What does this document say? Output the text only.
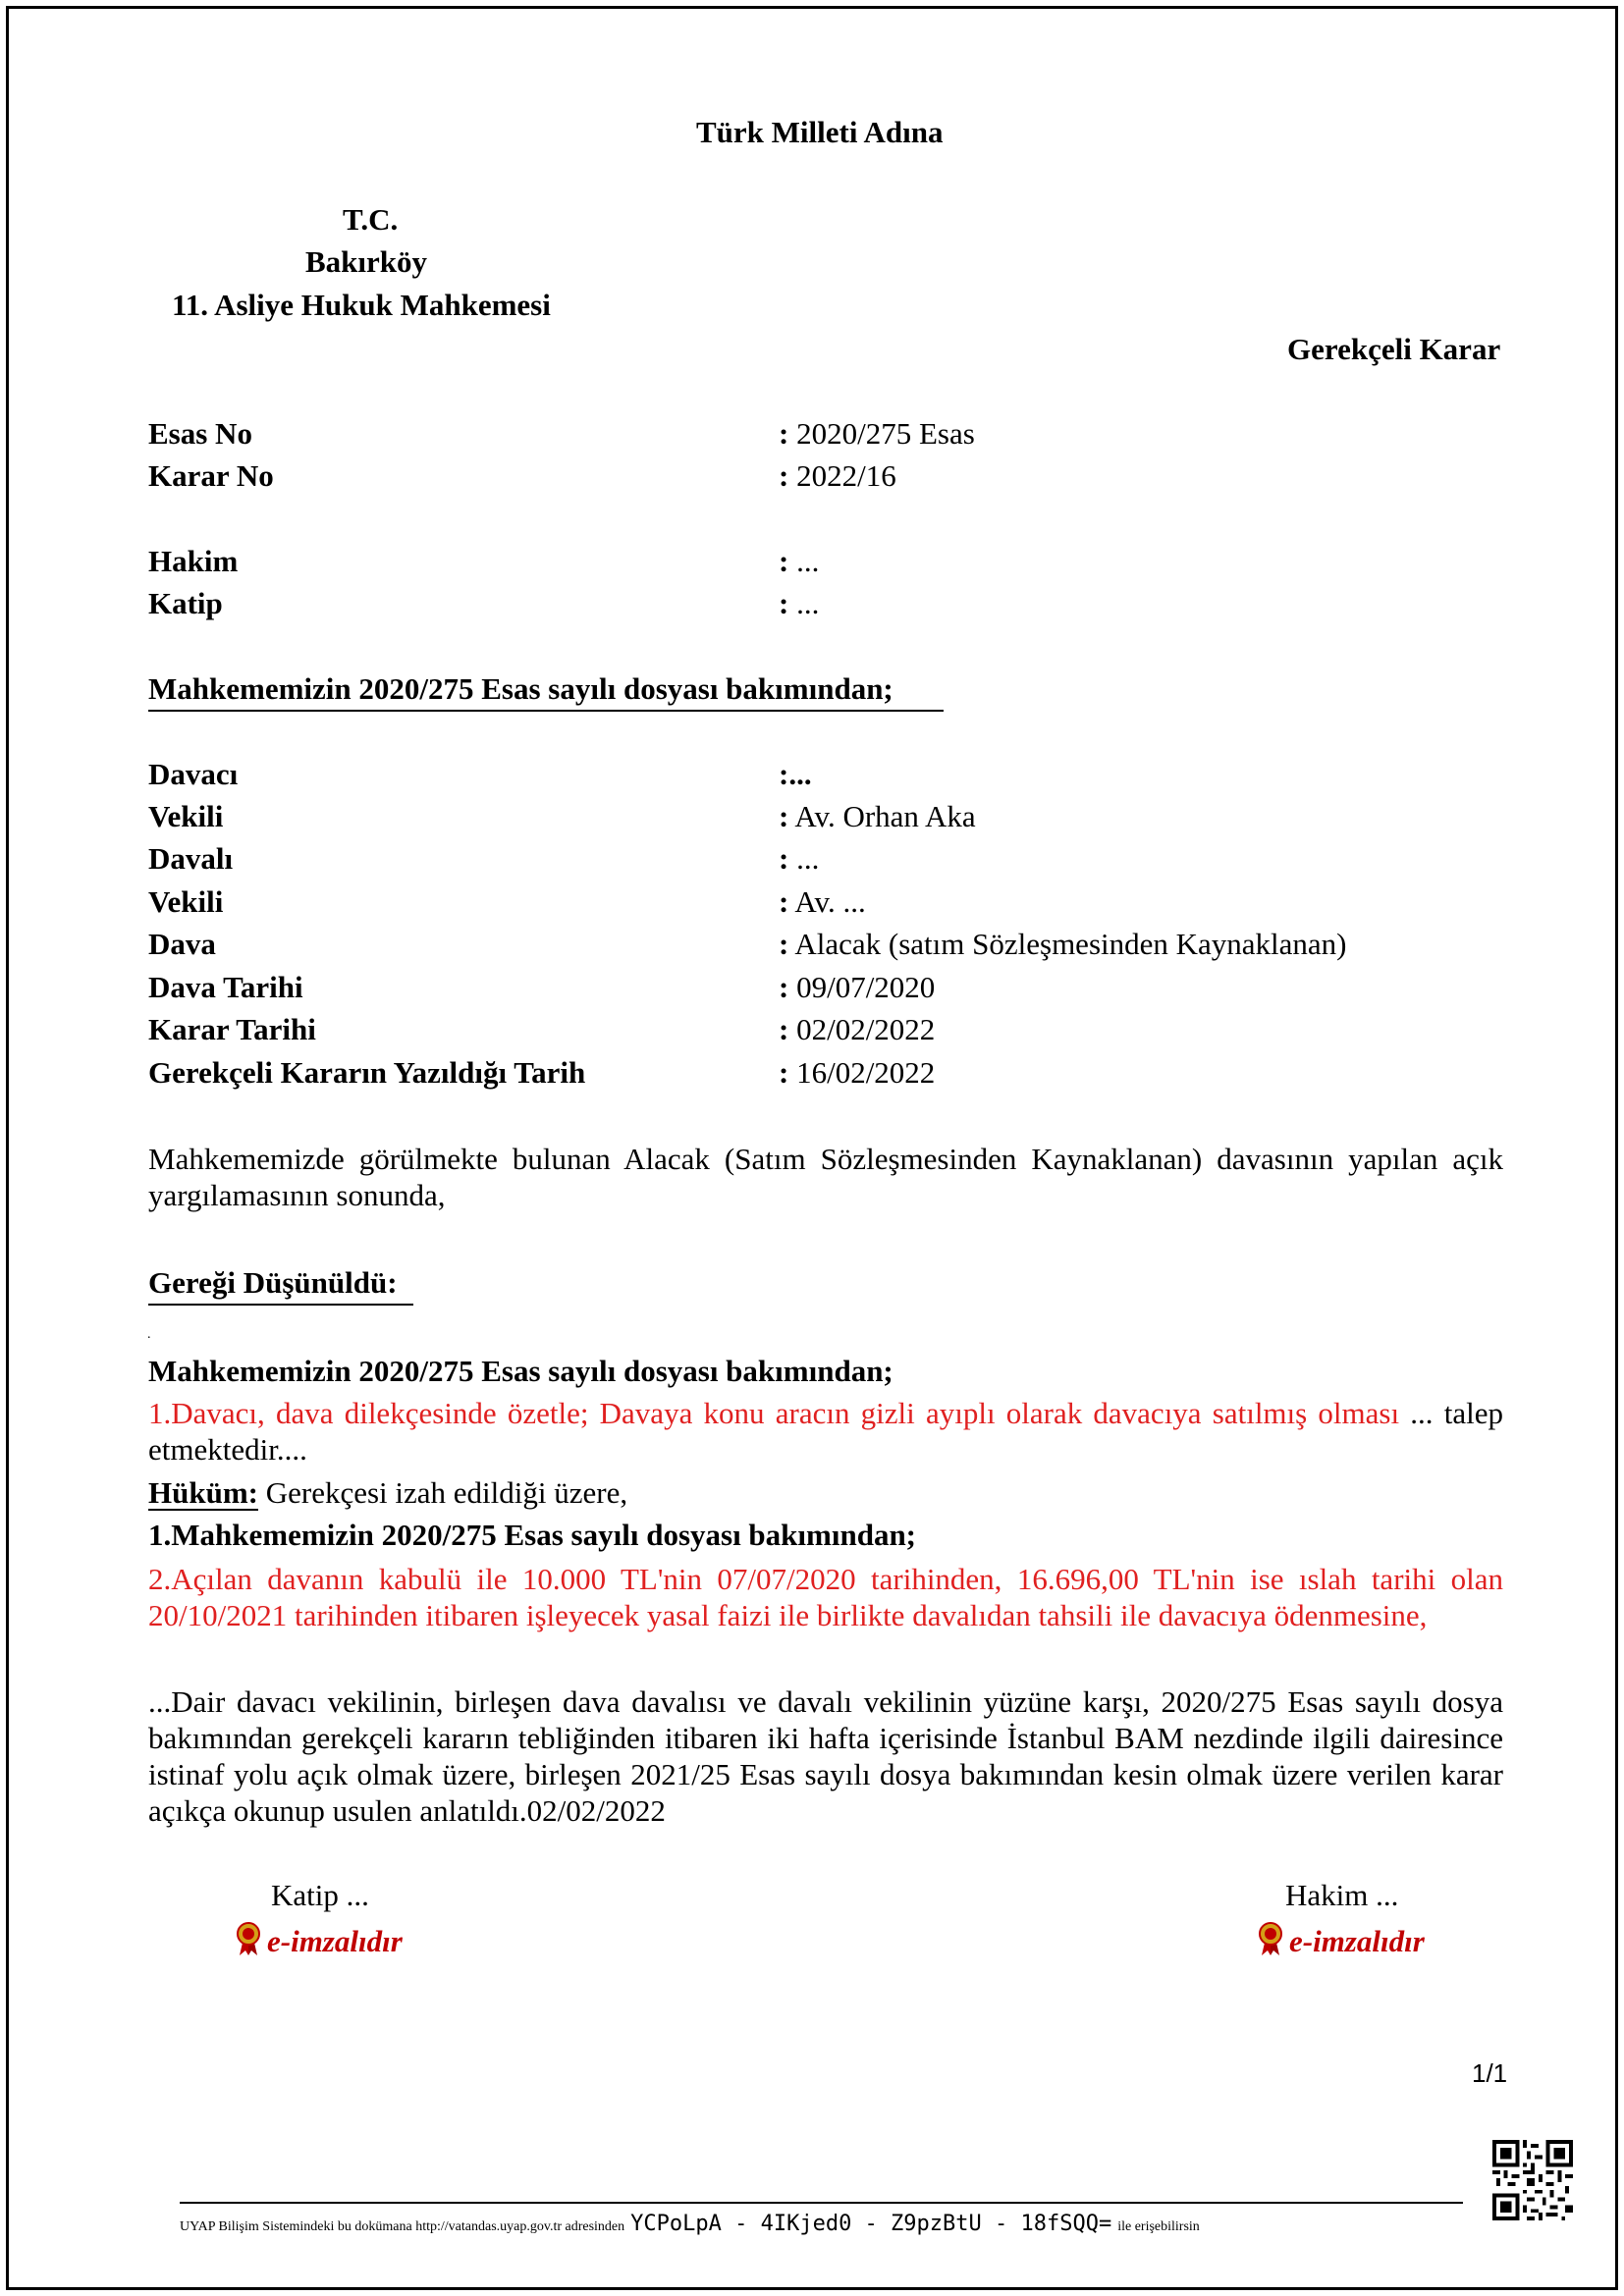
Türk Milleti Adına
T.C.
Bakırköy
11. Asliye Hukuk Mahkemesi
Gerekçeli Karar
Esas No	: 2020/275 Esas
Karar No	: 2022/16
Hakim	: ...
Katip	: ...
Mahkememizin 2020/275 Esas sayılı dosyası bakımından;
Davacı	:...
Vekili	: Av. Orhan Aka
Davalı	: ...
Vekili	: Av. ...
Dava	: Alacak (satım Sözleşmesinden Kaynaklanan)
Dava Tarihi	: 09/07/2020
Karar Tarihi	: 02/02/2022
Gerekçeli Kararın Yazıldığı Tarih	: 16/02/2022
Mahkememizde görülmekte bulunan Alacak (Satım Sözleşmesinden Kaynaklanan) davasının yapılan açık yargılamasının sonunda,
Gereği Düşünüldü:
.
Mahkememizin 2020/275 Esas sayılı dosyası bakımından;
1.Davacı, dava dilekçesinde özetle; Davaya konu aracın gizli ayıplı olarak davacıya satılmış olması ... talep etmektedir....
Hüküm: Gerekçesi izah edildiği üzere,
1.Mahkememizin 2020/275 Esas sayılı dosyası bakımından;
2.Açılan davanın kabulü ile 10.000 TL'nin 07/07/2020 tarihinden, 16.696,00 TL'nin ise ıslah tarihi olan 20/10/2021 tarihinden itibaren işleyecek yasal faizi ile birlikte davalıdan tahsili ile davacıya ödenmesine,
...Dair davacı vekilinin, birleşen dava davalısı ve davalı vekilinin yüzüne karşı, 2020/275 Esas sayılı dosya bakımından gerekçeli kararın tebliğinden itibaren iki hafta içerisinde İstanbul BAM nezdinde ilgili dairesince istinaf yolu açık olmak üzere, birleşen 2021/25 Esas sayılı dosya bakımından kesin olmak üzere verilen karar açıkça okunup usulen anlatıldı.02/02/2022
Katip ...
e-imzalıdır
Hakim ...
e-imzalıdır
1/1
UYAP Bilişim Sistemindeki bu dokümana http://vatandas.uyap.gov.tr adresinden YCPoLpA - 4IKjed0 - Z9pzBtU - 18fSQQ= ile erişebilirsin
